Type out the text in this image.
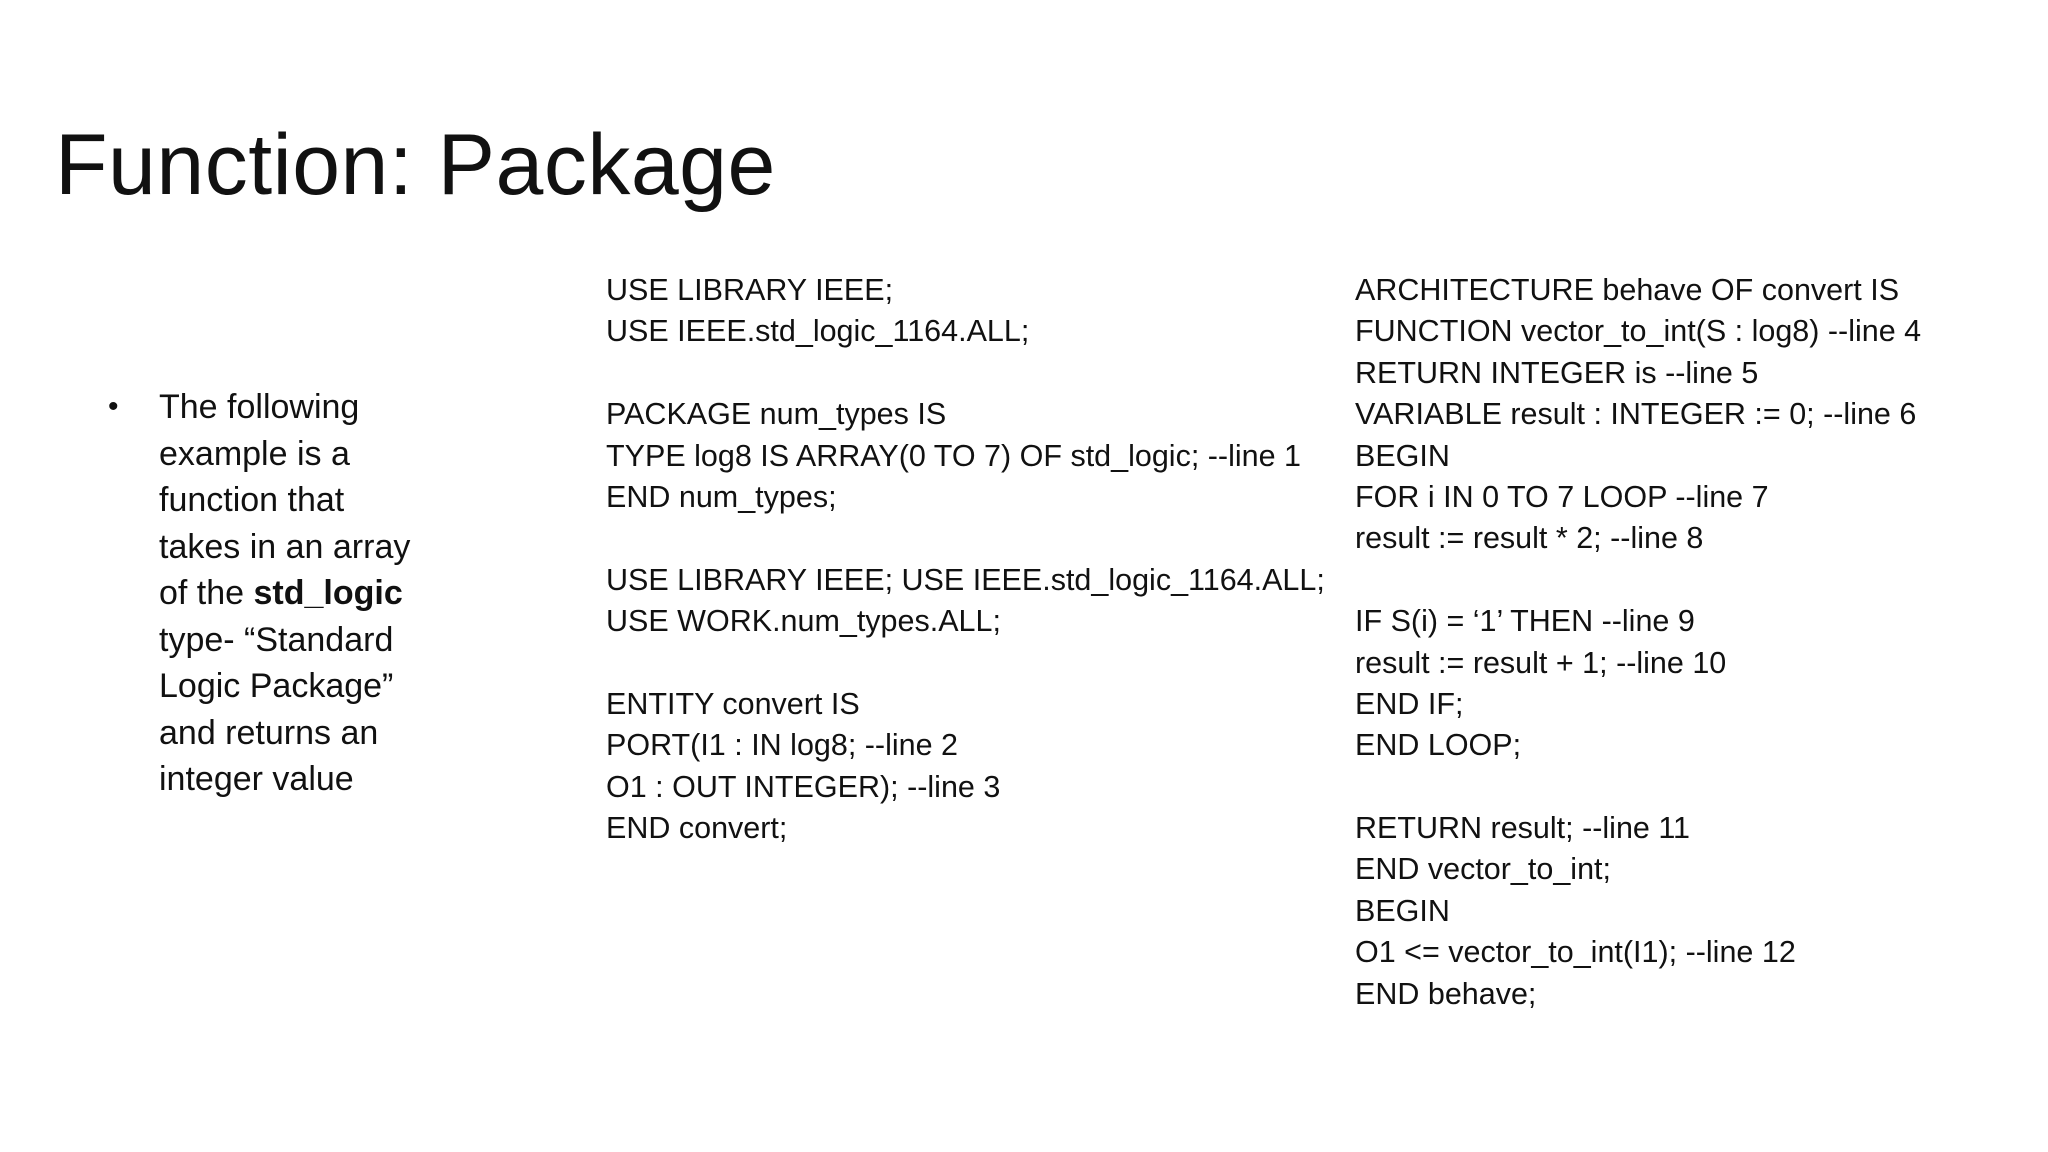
Function: Package
•	The following
example is a
function that
takes in an array
of the std_logic
type- “Standard
Logic Package”
and returns an
integer value
USE LIBRARY IEEE;
USE IEEE.std_logic_1164.ALL;
PACKAGE num_types IS
TYPE log8 IS ARRAY(0 TO 7) OF std_logic; --line 1
END num_types;
USE LIBRARY IEEE; USE IEEE.std_logic_1164.ALL;
USE WORK.num_types.ALL;
ENTITY convert IS
PORT(I1 : IN log8; --line 2
O1 : OUT INTEGER); --line 3
END convert;
ARCHITECTURE behave OF convert IS
FUNCTION vector_to_int(S : log8) --line 4
RETURN INTEGER is --line 5
VARIABLE result : INTEGER := 0; --line 6
BEGIN
FOR i IN 0 TO 7 LOOP --line 7
result := result * 2; --line 8
IF S(i) = ‘1’ THEN --line 9
result := result + 1; --line 10
END IF;
END LOOP;
RETURN result; --line 11
END vector_to_int;
BEGIN
O1 <= vector_to_int(I1); --line 12
END behave;
